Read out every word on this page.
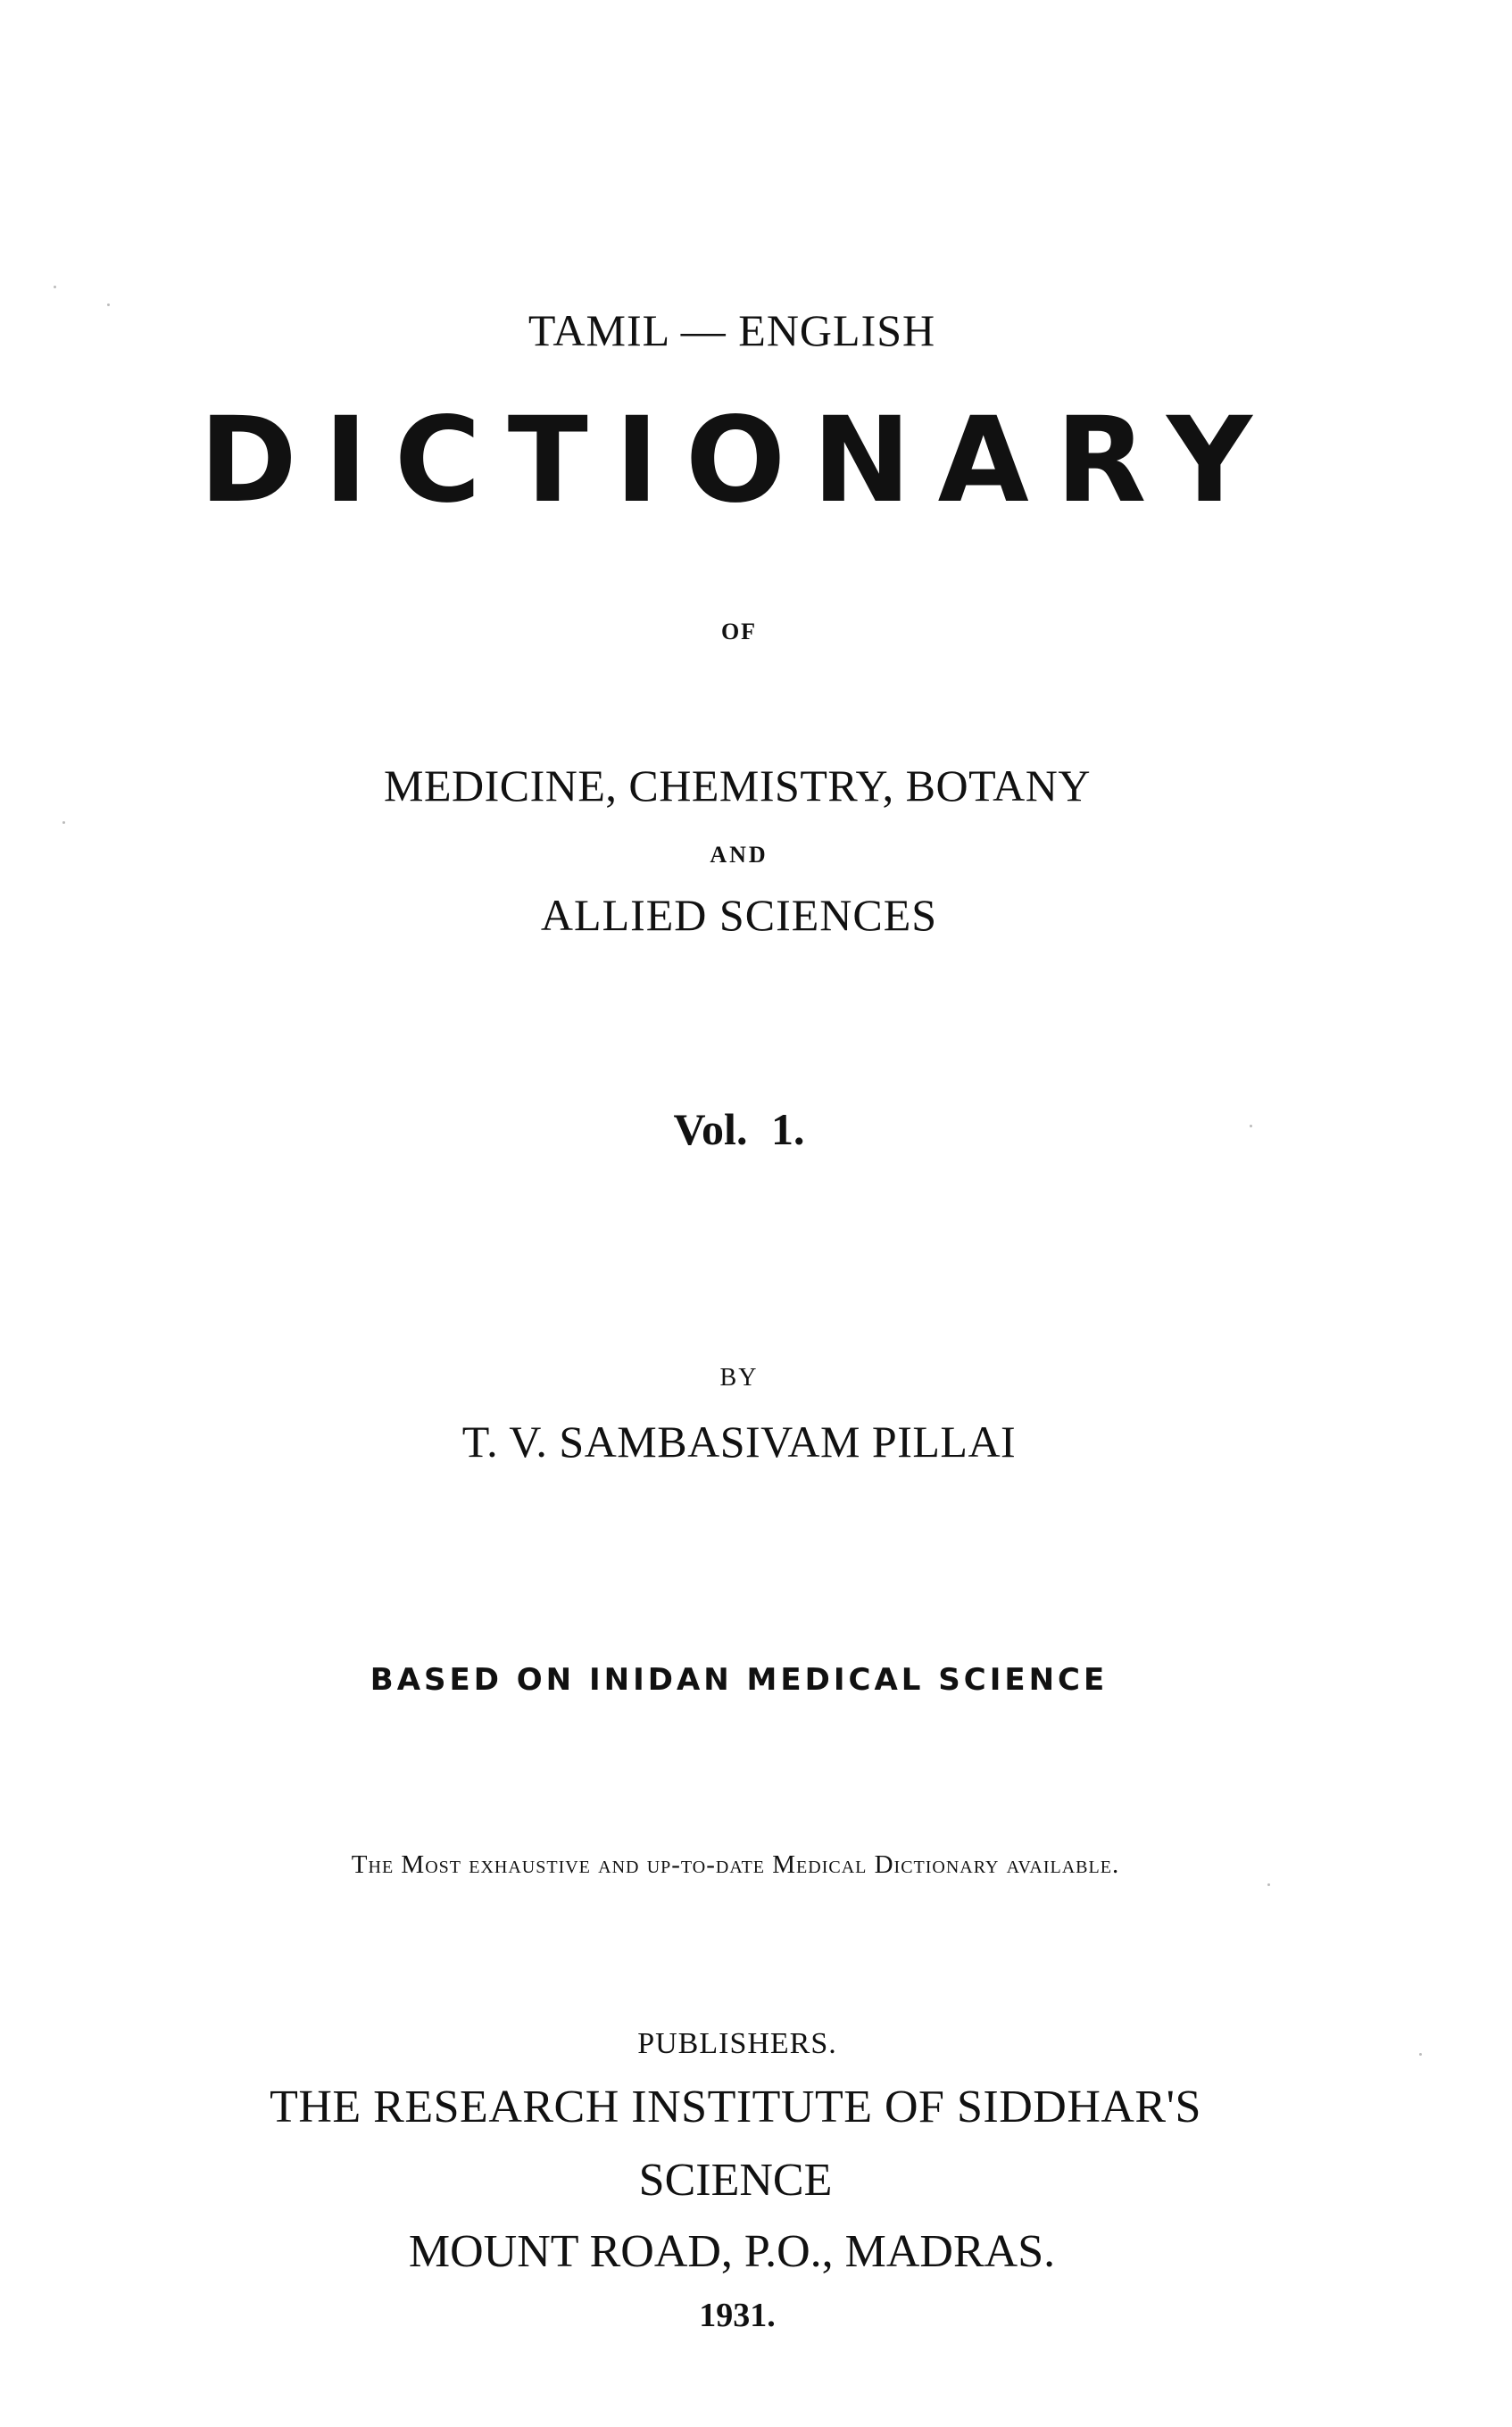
TAMIL — ENGLISH

DICTIONARY

OF

MEDICINE, CHEMISTRY, BOTANY

AND

ALLIED SCIENCES

Vol. 1.

BY

T. V. SAMBASIVAM PILLAI

BASED ON INIDAN MEDICAL SCIENCE

The Most exhaustive and up-to-date Medical Dictionary available.

PUBLISHERS.

THE RESEARCH INSTITUTE OF SIDDHAR'S

SCIENCE

MOUNT ROAD, P.O., MADRAS.

1931.
